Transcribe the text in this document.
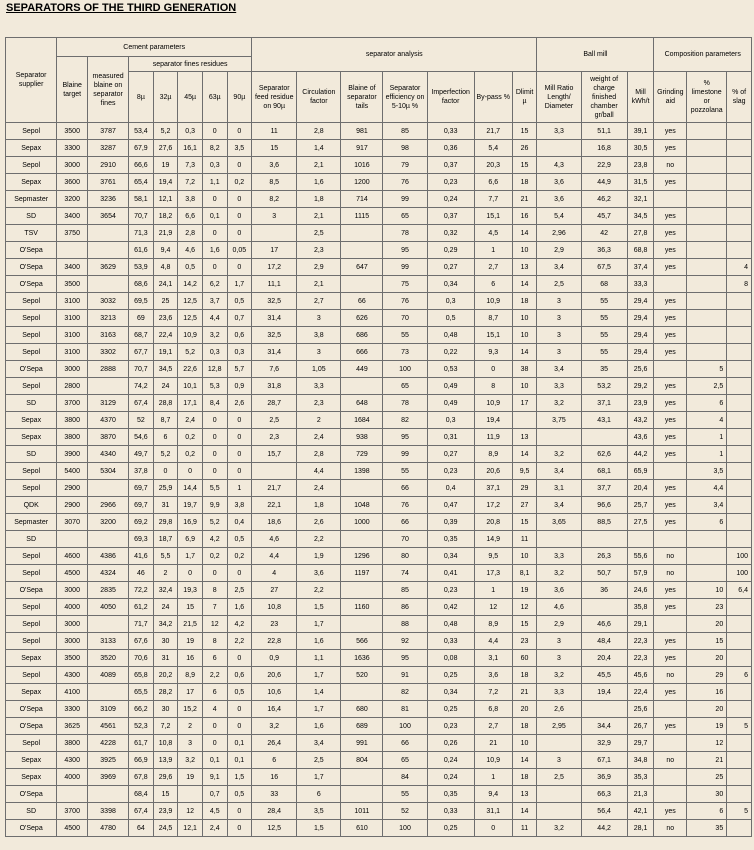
SEPARATORS OF THE THIRD GENERATION
Separator supplier	Cement parameters							separator analysis							Ball mill			Composition parameters		
	Blaine target	measured blaine on separator fines	separator fines residues																	
			8µ	32µ	45µ	63µ	90µ	Separator feed residue on 90µ	Circulation factor	Blaine of separator tails	Separator efficiency on 5-10µ %	Imperfection factor	By-pass %	Dlimit µ	Mill Ratio Length/ Diameter	weight of charge finished chamber gr/ball	Mill kWh/t	Grinding aid	% limestone or pozzolana	% of slag
Sepol	3500	3787	53,4	5,2	0,3	0	0	11	2,8	981	85	0,33	21,7	15	3,3	51,1	39,1	yes		
Sepax	3300	3287	67,9	27,6	16,1	8,2	3,5	15	1,4	917	98	0,36	5,4	26		16,8	30,5	yes		
Sepol	3000	2910	66,6	19	7,3	0,3	0	3,6	2,1	1016	79	0,37	20,3	15	4,3	22,9	23,8	no		
Sepax	3600	3761	65,4	19,4	7,2	1,1	0,2	8,5	1,6	1200	76	0,23	6,6	18	3,6	44,9	31,5	yes		
Sepmaster	3200	3236	58,1	12,1	3,8	0	0	8,2	1,8	714	99	0,24	7,7	21	3,6	46,2	32,1			
SD	3400	3654	70,7	18,2	6,6	0,1	0	3	2,1	1115	65	0,37	15,1	16	5,4	45,7	34,5	yes		
TSV	3750		71,3	21,9	2,8	0	0		2,5		78	0,32	4,5	14	2,96	42	27,8	yes		
O'Sepa			61,6	9,4	4,6	1,6	0,05	17	2,3		95	0,29	1	10	2,9	36,3	68,8	yes		
O'Sepa	3400	3629	53,9	4,8	0,5	0	0	17,2	2,9	647	99	0,27	2,7	13	3,4	67,5	37,4	yes		4
O'Sepa	3500		68,6	24,1	14,2	6,2	1,7	11,1	2,1		75	0,34	6	14	2,5	68	33,3			8
Sepol	3100	3032	69,5	25	12,5	3,7	0,5	32,5	2,7	66	76	0,3	10,9	18	3	55	29,4	yes		
Sepol	3100	3213	69	23,6	12,5	4,4	0,7	31,4	3	626	70	0,5	8,7	10	3	55	29,4	yes		
Sepol	3100	3163	68,7	22,4	10,9	3,2	0,6	32,5	3,8	686	55	0,48	15,1	10	3	55	29,4	yes		
Sepol	3100	3302	67,7	19,1	5,2	0,3	0,3	31,4	3	666	73	0,22	9,3	14	3	55	29,4	yes		
O'Sepa	3000	2888	70,7	34,5	22,6	12,8	5,7	7,6	1,05	449	100	0,53	0	38	3,4	35	25,6		5	
Sepol	2800		74,2	24	10,1	5,3	0,9	31,8	3,3		65	0,49	8	10	3,3	53,2	29,2	yes	2,5	
SD	3700	3129	67,4	28,8	17,1	8,4	2,6	28,7	2,3	648	78	0,49	10,9	17	3,2	37,1	23,9	yes	6	
Sepax	3800	4370	52	8,7	2,4	0	0	2,5	2	1684	82	0,3	19,4		3,75	43,1	43,2	yes	4	
Sepax	3800	3870	54,6	6	0,2	0	0	2,3	2,4	938	95	0,31	11,9	13			43,6	yes	1	
SD	3900	4340	49,7	5,2	0,2	0	0	15,7	2,8	729	99	0,27	8,9	14	3,2	62,6	44,2	yes	1	
Sepol	5400	5304	37,8	0	0	0	0		4,4	1398	55	0,23	20,6	9,5	3,4	68,1	65,9		3,5	
Sepol	2900		69,7	25,9	14,4	5,5	1	21,7	2,4		66	0,4	37,1	29	3,1	37,7	20,4	yes	4,4	
QDK	2900	2966	69,7	31	19,7	9,9	3,8	22,1	1,8	1048	76	0,47	17,2	27	3,4	96,6	25,7	yes	3,4	
Sepmaster	3070	3200	69,2	29,8	16,9	5,2	0,4	18,6	2,6	1000	66	0,39	20,8	15	3,65	88,5	27,5	yes	6	
SD			69,3	18,7	6,9	4,2	0,5	4,6	2,2		70	0,35	14,9	11						
Sepol	4600	4386	41,6	5,5	1,7	0,2	0,2	4,4	1,9	1296	80	0,34	9,5	10	3,3	26,3	55,6	no		100
Sepol	4500	4324	46	2	0	0	0	4	3,6	1197	74	0,41	17,3	8,1	3,2	50,7	57,9	no		100
O'Sepa	3000	2835	72,2	32,4	19,3	8	2,5	27	2,2		85	0,23	1	19	3,6	36	24,6	yes	10	6,4
Sepol	4000	4050	61,2	24	15	7	1,6	10,8	1,5	1160	86	0,42	12	12	4,6		35,8	yes	23	
Sepol	3000		71,7	34,2	21,5	12	4,2	23	1,7		88	0,48	8,9	15	2,9	46,6	29,1		20	
Sepol	3000	3133	67,6	30	19	8	2,2	22,8	1,6	566	92	0,33	4,4	23	3	48,4	22,3	yes	15	
Sepax	3500	3520	70,6	31	16	6	0	0,9	1,1	1636	95	0,08	3,1	60	3	20,4	22,3	yes	20	
Sepol	4300	4089	65,8	20,2	8,9	2,2	0,6	20,6	1,7	520	91	0,25	3,6	18	3,2	45,5	45,6	no	29	6
Sepax	4100		65,5	28,2	17	6	0,5	10,6	1,4		82	0,34	7,2	21	3,3	19,4	22,4	yes	16	
O'Sepa	3300	3109	66,2	30	15,2	4	0	16,4	1,7	680	81	0,25	6,8	20	2,6		25,6		20	
O'Sepa	3625	4561	52,3	7,2	2	0	0	3,2	1,6	689	100	0,23	2,7	18	2,95	34,4	26,7	yes	19	5
Sepol	3800	4228	61,7	10,8	3	0	0,1	26,4	3,4	991	66	0,26	21	10		32,9	29,7		12	
Sepax	4300	3925	66,9	13,9	3,2	0,1	0,1	6	2,5	804	65	0,24	10,9	14	3	67,1	34,8	no	21	
Sepax	4000	3969	67,8	29,6	19	9,1	1,5	16	1,7		84	0,24	1	18	2,5	36,9	35,3		25	
O'Sepa			68,4	15		0,7	0,5	33	6		55	0,35	9,4	13		66,3	21,3		30	
SD	3700	3398	67,4	23,9	12	4,5	0	28,4	3,5	1011	52	0,33	31,1	14		56,4	42,1	yes	6	5
O'Sepa	4500	4780	64	24,5	12,1	2,4	0	12,5	1,5	610	100	0,25	0	11	3,2	44,2	28,1	no	35	
